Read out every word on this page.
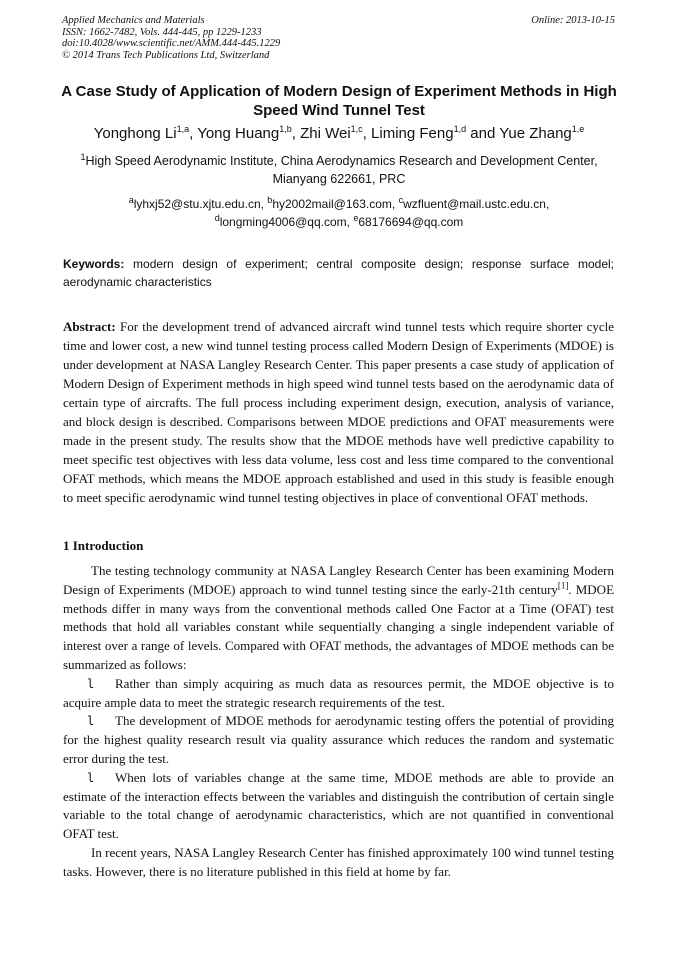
Applied Mechanics and Materials
ISSN: 1662-7482, Vols. 444-445, pp 1229-1233
doi:10.4028/www.scientific.net/AMM.444-445.1229
© 2014 Trans Tech Publications Ltd, Switzerland
Online: 2013-10-15
A Case Study of Application of Modern Design of Experiment Methods in High Speed Wind Tunnel Test
Yonghong Li$^{1,a}$, Yong Huang$^{1,b}$, Zhi Wei$^{1,c}$, Liming Feng$^{1,d}$ and Yue Zhang$^{1,e}$
$^1$High Speed Aerodynamic Institute, China Aerodynamics Research and Development Center,
Mianyang 622661, PRC
$^a$lyhxj52@stu.xjtu.edu.cn, $^b$hy2002mail@163.com, $^c$wzfluent@mail.ustc.edu.cn,
$^d$longming4006@qq.com, $^e$68176694@qq.com
Keywords: modern design of experiment; central composite design; response surface model; aerodynamic characteristics
Abstract: For the development trend of advanced aircraft wind tunnel tests which require shorter cycle time and lower cost, a new wind tunnel testing process called Modern Design of Experiments (MDOE) is under development at NASA Langley Research Center. This paper presents a case study of application of Modern Design of Experiment methods in high speed wind tunnel tests based on the aerodynamic data of certain type of aircrafts. The full process including experiment design, execution, analysis of variance, and block design is described. Comparisons between MDOE predictions and OFAT measurements were made in the present study. The results show that the MDOE methods have well predictive capability to meet specific test objectives with less data volume, less cost and less time compared to the conventional OFAT methods, which means the MDOE approach established and used in this study is feasible enough to meet specific aerodynamic wind tunnel testing objectives in place of conventional OFAT methods.
1 Introduction

The testing technology community at NASA Langley Research Center has been examining Modern Design of Experiments (MDOE) approach to wind tunnel testing since the early-21th century[1]. MDOE methods differ in many ways from the conventional methods called One Factor at a Time (OFAT) test methods that hold all variables constant while sequentially changing a single independent variable of interest over a range of levels. Compared with OFAT methods, the advantages of MDOE methods can be summarized as follows:

l Rather than simply acquiring as much data as resources permit, the MDOE objective is to acquire ample data to meet the strategic research requirements of the test.

l The development of MDOE methods for aerodynamic testing offers the potential of providing for the highest quality research result via quality assurance which reduces the random and systematic error during the test.

l When lots of variables change at the same time, MDOE methods are able to provide an estimate of the interaction effects between the variables and distinguish the contribution of certain single variable to the total change of aerodynamic characteristics, which are not quantified in conventional OFAT test.

In recent years, NASA Langley Research Center has finished approximately 100 wind tunnel testing tasks. However, there is no literature published in this field at home by far.
